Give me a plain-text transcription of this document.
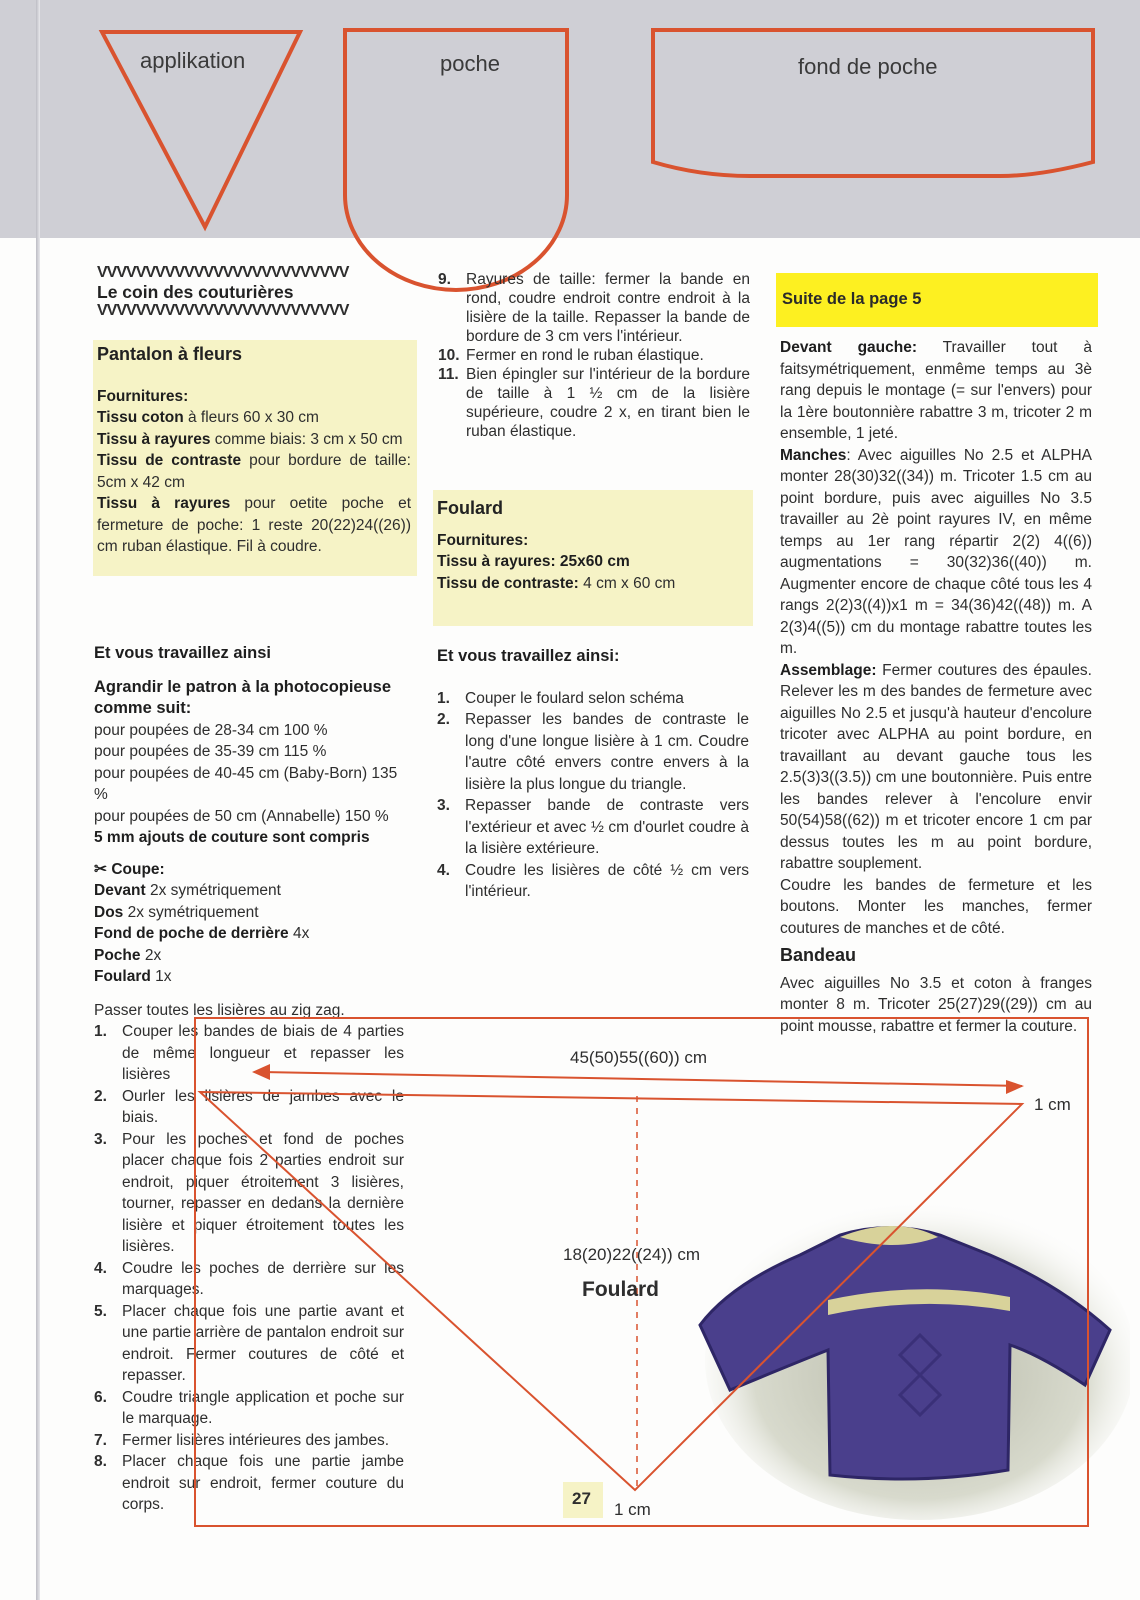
applikation	poche	fond de poche
VVVVVVVVVVVVVVVVVVVVVVVVVV
Le coin des couturières
VVVVVVVVVVVVVVVVVVVVVVVVVV

Pantalon à fleurs

Fournitures:

Tissu coton à fleurs 60 x 30 cm

Tissu à rayures comme biais: 3 cm x 50 cm

Tissu de contraste pour bordure de taille: 5cm x 42 cm

Tissu à rayures pour oetite poche et fermeture de poche: 1 reste 20(22)24((26)) cm ruban élastique. Fil à coudre.

Et vous travaillez ainsi

Agrandir le patron à la photocopieuse comme suit:

pour poupées de 28-34 cm 100 %

pour poupées de 35-39 cm 115 %

pour poupées de 40-45 cm (Baby-Born) 135 %

pour poupées de 50 cm (Annabelle) 150 %

5 mm ajouts de couture sont compris

✂ Coupe:

Devant 2x symétriquement

Dos 2x symétriquement

Fond de poche de derrière 4x

Poche 2x

Foulard 1x

Passer toutes les lisières au zig zag.

1. Couper les bandes de biais de 4 parties de même longueur et repasser les lisières
2. Ourler les lisières de jambes avec le biais.
3. Pour les poches et fond de poches placer chaque fois 2 parties endroit sur endroit, piquer étroitement 3 lisières, tourner, repasser en dedans la dernière lisière et piquer étroitement toutes les lisières.
4. Coudre les poches de derrière sur les marquages.
5. Placer chaque fois une partie avant et une partie arrière de pantalon endroit sur endroit. Fermer coutures de côté et repasser.
6. Coudre triangle application et poche sur le marquage.
7. Fermer lisières intérieures des jambes.
8. Placer chaque fois une partie jambe endroit sur endroit, fermer couture du corps.
9. Rayures de taille: fermer la bande en rond, coudre endroit contre endroit à la lisière de la taille. Repasser la bande de bordure de 3 cm vers l'intérieur.
10. Fermer en rond le ruban élastique.
11. Bien épingler sur l'intérieur de la bordure de taille à 1 ½ cm de la lisière supérieure, coudre 2 x, en tirant bien le ruban élastique.

Foulard

Fournitures:

Tissu à rayures: 25x60 cm

Tissu de contraste: 4 cm x 60 cm

Et vous travaillez ainsi:

1. Couper le foulard selon schéma
2. Repasser les bandes de contraste le long d'une longue lisière à 1 cm. Coudre l'autre côté envers contre envers à la lisière la plus longue du triangle.
3. Repasser bande de contraste vers l'extérieur et avec ½ cm d'ourlet coudre à la lisière extérieure.
4. Coudre les lisières de côté ½ cm vers l'intérieur.
Suite de la page 5

Devant gauche: Travailler tout à faitsymétriquement, enmême temps au 3è rang depuis le montage (= sur l'envers) pour la 1ère boutonnière rabattre 3 m, tricoter 2 m ensemble, 1 jeté.

Manches: Avec aiguilles No 2.5 et ALPHA monter 28(30)32((34)) m. Tricoter 1.5 cm au point bordure, puis avec aiguilles No 3.5 travailler au 2è point rayures IV, en même temps au 1er rang répartir 2(2) 4((6)) augmentations = 30(32)36((40)) m. Augmenter encore de chaque côté tous les 4 rangs 2(2)3((4))x1 m = 34(36)42((48)) m. A 2(3)4((5)) cm du montage rabattre toutes les m.

Assemblage: Fermer coutures des épaules. Relever les m des bandes de fermeture avec aiguilles No 2.5 et jusqu'à hauteur d'encolure tricoter avec ALPHA au point bordure, en travaillant au devant gauche tous les 2.5(3)3((3.5)) cm une boutonnière. Puis entre les bandes relever à l'encolure envir 50(54)58((62)) m et tricoter encore 1 cm par dessus toutes les m au point bordure, rabattre souplement.

Coudre les bandes de fermeture et les boutons. Monter les manches, fermer coutures de manches et de côté.

Bandeau

Avec aiguilles No 3.5 et coton à franges monter 8 m. Tricoter 25(27)29((29)) cm au point mousse, rabattre et fermer la couture.

45(50)55((60)) cm
1 cm
18(20)22((24)) cm
Foulard
27
1 cm
